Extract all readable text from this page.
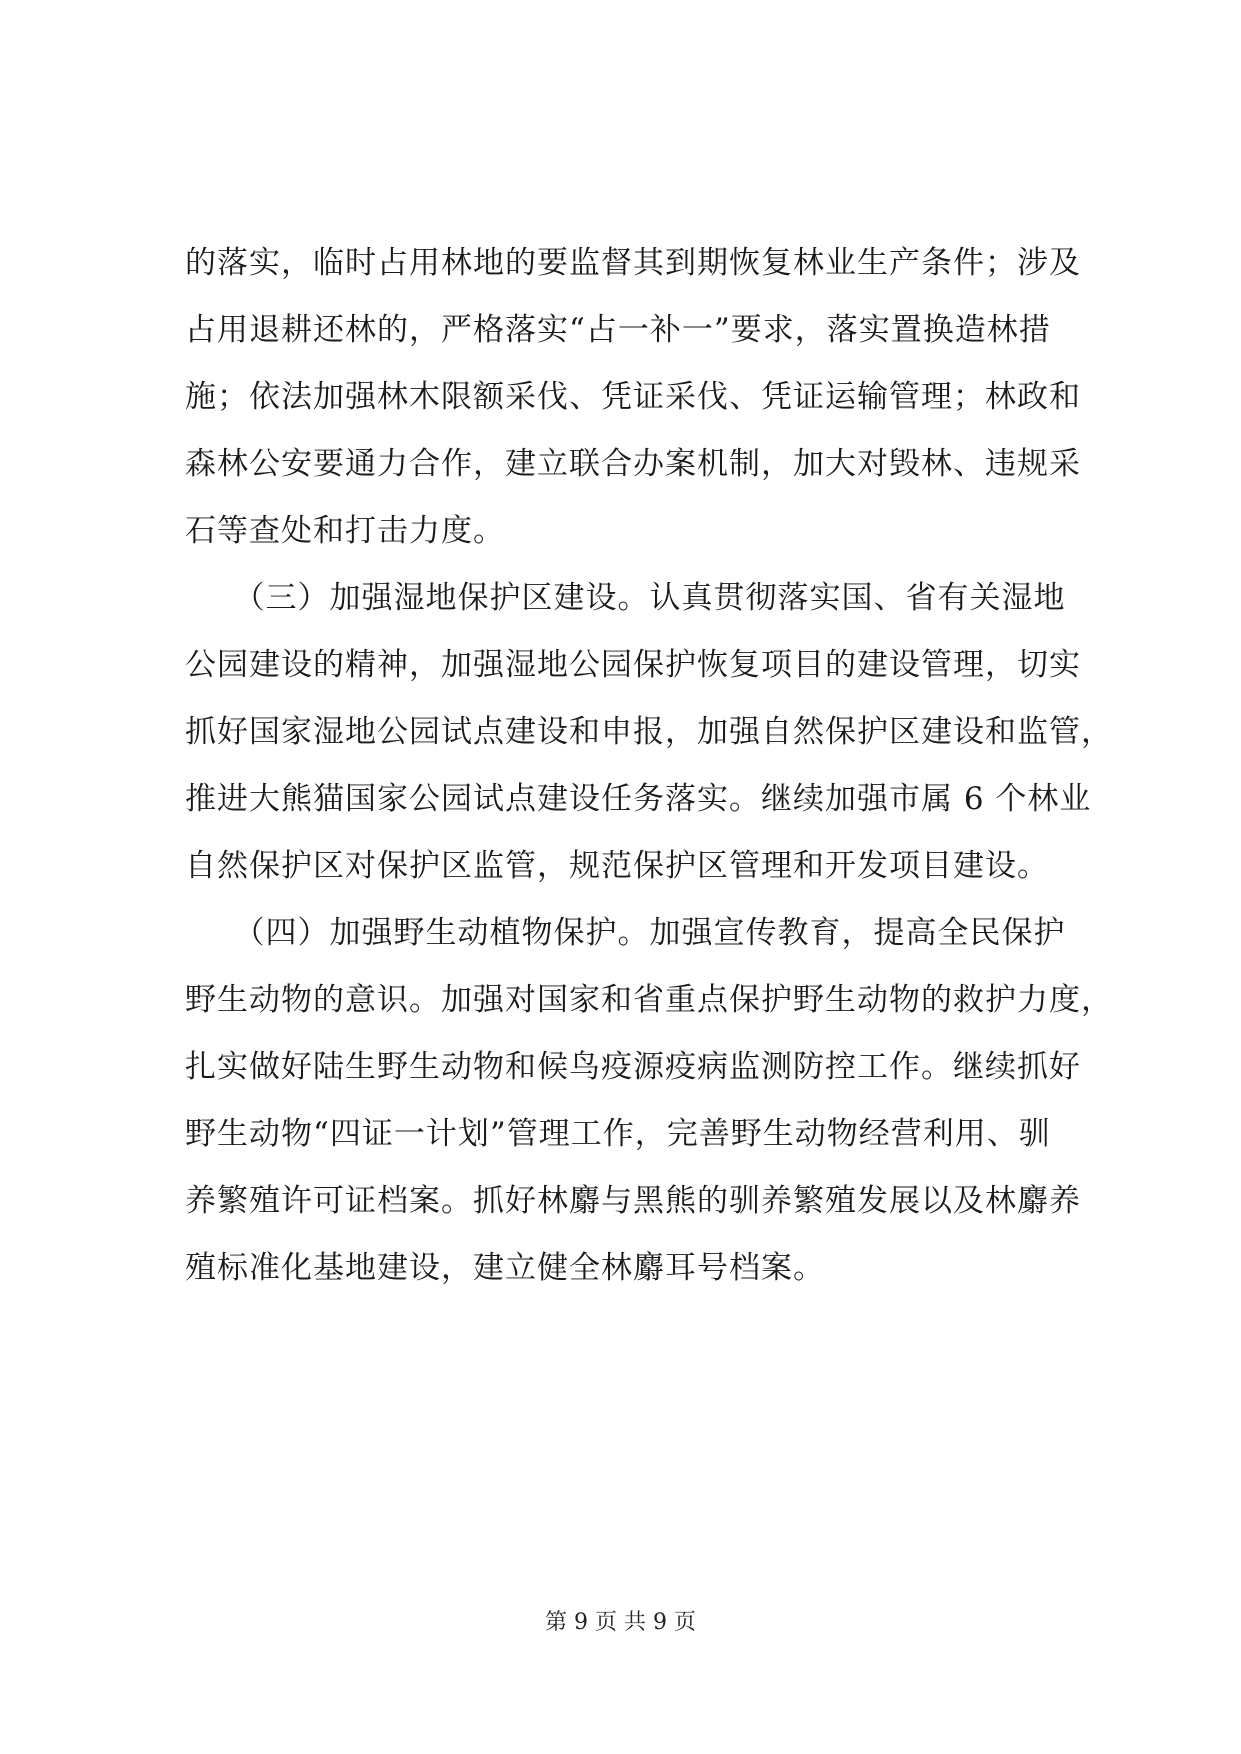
的落实，临时占用林地的要监督其到期恢复林业生产条件；涉及
占用退耕还林的，严格落实“占一补一”要求，落实置换造林措
施；依法加强林木限额采伐、凭证采伐、凭证运输管理；林政和
森林公安要通力合作，建立联合办案机制，加大对毁林、违规采
石等查处和打击力度。
　　（三）加强湿地保护区建设。认真贯彻落实国、省有关湿地
公园建设的精神，加强湿地公园保护恢复项目的建设管理，切实
抓好国家湿地公园试点建设和申报，加强自然保护区建设和监管，
推进大熊猫国家公园试点建设任务落实。继续加强市属 6 个林业
自然保护区对保护区监管，规范保护区管理和开发项目建设。
　　（四）加强野生动植物保护。加强宣传教育，提高全民保护
野生动物的意识。加强对国家和省重点保护野生动物的救护力度，
扎实做好陆生野生动物和候鸟疫源疫病监测防控工作。继续抓好
野生动物“四证一计划”管理工作，完善野生动物经营利用、驯
养繁殖许可证档案。抓好林麝与黑熊的驯养繁殖发展以及林麝养
殖标准化基地建设，建立健全林麝耳号档案。
第 9 页 共 9 页
